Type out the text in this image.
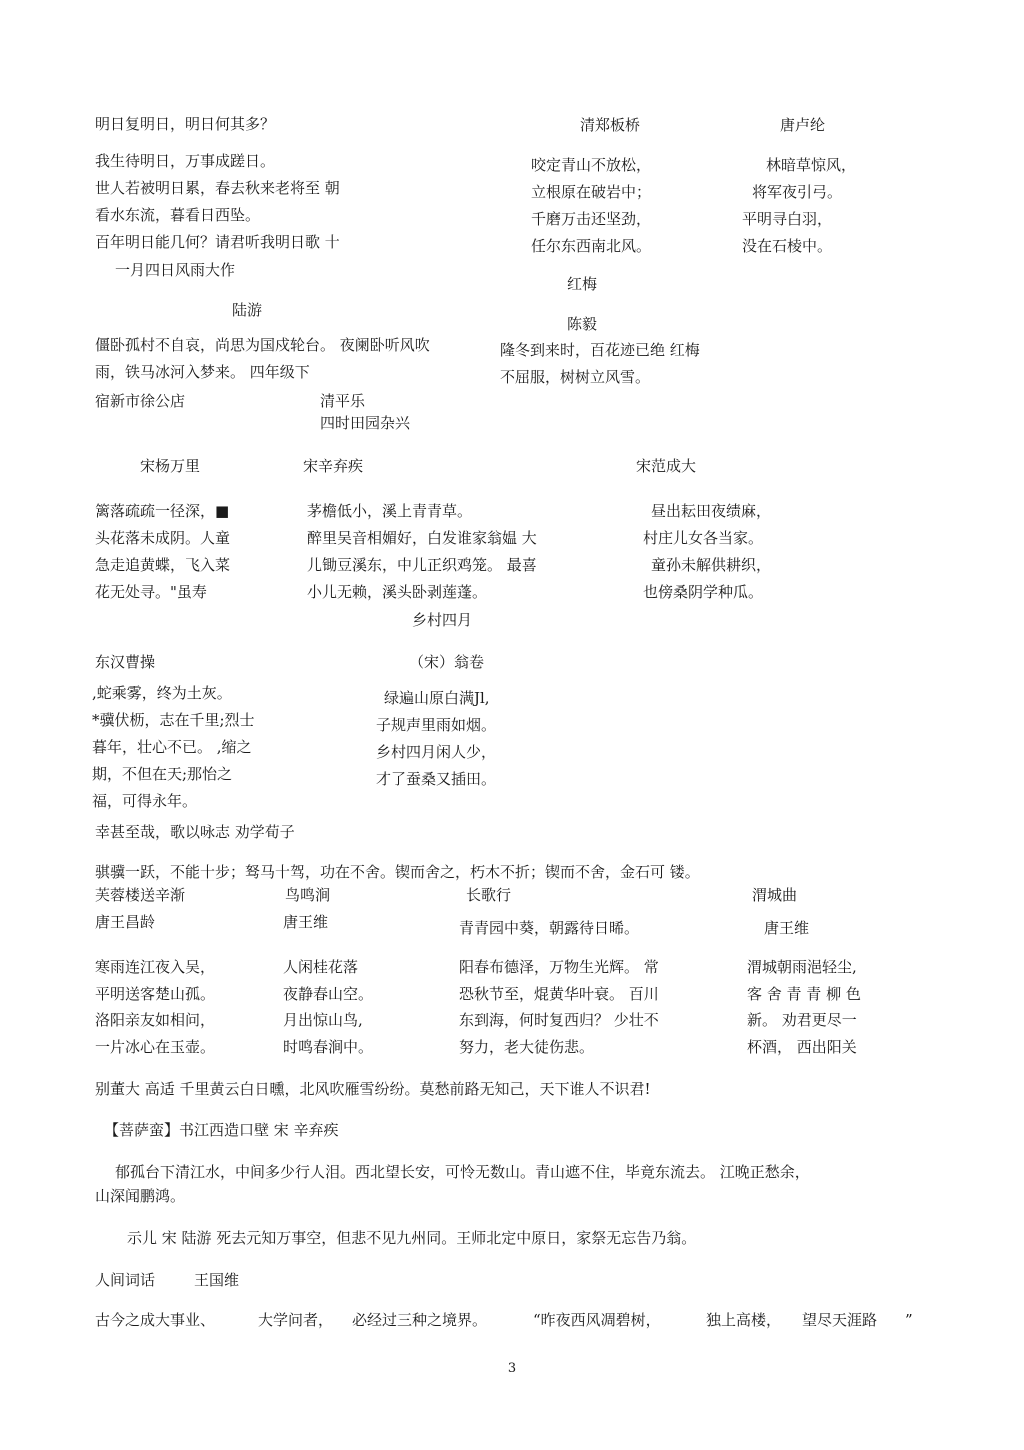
明日复明日，明日何其多？
我生待明日，万事成蹉日。
世人若被明日累，春去秋来老将至 朝
看水东流，暮看日西坠。
百年明日能几何？请君听我明日歌 十
一月四日风雨大作
陆游
僵卧孤村不自哀，尚思为国戍轮台。 夜阑卧听风吹
雨，铁马冰河入梦来。 四年级下
宿新市徐公店	清平乐
四时田园杂兴
清郑板桥
咬定青山不放松，
立根原在破岩中；
千磨万击还坚劲，
任尔东西南北风。
唐卢纶
林暗草惊风，
将军夜引弓。
平明寻白羽，
没在石棱中。
红梅
陈毅
隆冬到来时，百花迹已绝 红梅
不屈服，树树立风雪。
宋杨万里
篱落疏疏一径深，■
头花落未成阴。人童
急走追黄蝶，飞入菜
花无处寻。"虽寿
宋辛弃疾
茅檐低小，溪上青青草。
醉里吴音相媚好，白发谁家翁媪 大
儿锄豆溪东，中儿正织鸡笼。 最喜
小儿无赖，溪头卧剥莲蓬。
宋范成大
昼出耘田夜绩麻，
村庄儿女各当家。
童孙未解供耕织，
也傍桑阴学种瓜。
乡村四月
东汉曹操
,蛇乘雾，终为土灰。
*骥伏枥，志在千里;烈士
暮年，壮心不已。 ,缩之
期，不但在天;那怡之
福，可得永年。
（宋）翁卷
绿遍山原白满Jl,
子规声里雨如烟。
乡村四月闲人少，
才了蚕桑又插田。
幸甚至哉，歌以咏志 劝学荀子
骐骥一跃，不能十步；驽马十驾，功在不舍。锲而舍之，朽木不折；锲而不舍，金石可 镂。
芙蓉楼送辛渐
唐王昌龄
寒雨连江夜入吴，
平明送客楚山孤。
洛阳亲友如相问，
一片冰心在玉壶。
鸟鸣涧
唐王维
人闲桂花落
夜静春山空。
月出惊山鸟,
时鸣春涧中。
长歌行
青青园中葵，朝露待日晞。
阳春布德泽，万物生光辉。 常
恐秋节至，焜黄华叶衰。 百川
东到海，何时复西归？ 少壮不
努力，老大徒伤悲。
渭城曲
唐王维
渭城朝雨浥轻尘,
客 舍 青 青 柳 色
新。 劝君更尽一
杯酒， 西出阳关
别董大 高适 千里黄云白日曛，北风吹雁雪纷纷。莫愁前路无知己，天下谁人不识君!
【菩萨蛮】书江西造口壁 宋 辛弃疾
郁孤台下清江水，中间多少行人泪。西北望长安，可怜无数山。青山遮不住，毕竟东流去。 江晚正愁余，
山深闻鹏鸿。
示儿 宋 陆游 死去元知万事空，但悲不见九州同。王师北定中原日，家祭无忘告乃翁。
人间词话	王国维
古今之成大事业、	大学问者， 必经过三种之境界。	“昨夜西风凋碧树，	独上高楼， 望尽天涯路 ”
3
